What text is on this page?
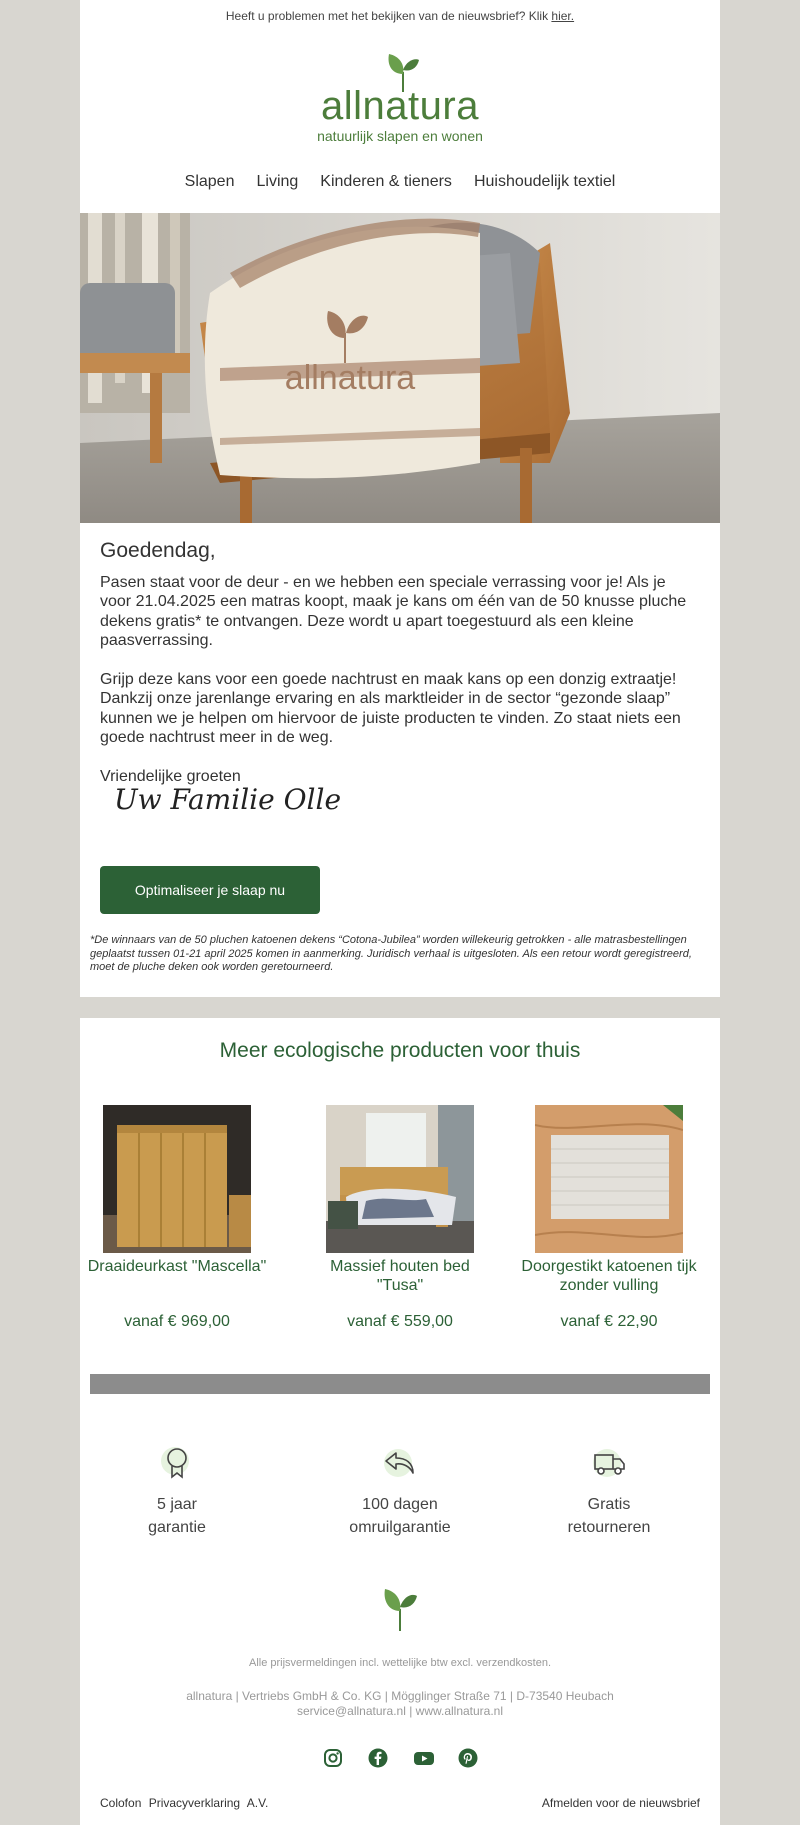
Heeft u problemen met het bekijken van de nieuwsbrief? Klik hier.
allnatura
natuurlijk slapen en wonen
Slapen Living Kinderen & tieners Huishoudelijk textiel
allnatura
Goedendag,

Pasen staat voor de deur - en we hebben een speciale verrassing voor je! Als je voor 21.04.2025 een matras koopt, maak je kans om één van de 50 knusse pluche dekens gratis* te ontvangen. Deze wordt u apart toegestuurd als een kleine paasverrassing.

Grijp deze kans voor een goede nachtrust en maak kans op een donzig extraatje! Dankzij onze jarenlange ervaring en als marktleider in de sector “gezonde slaap” kunnen we je helpen om hiervoor de juiste producten te vinden. Zo staat niets een goede nachtrust meer in de weg.

Vriendelijke groeten
Uw Familie Olle
Optimaliseer je slaap nu
*De winnaars van de 50 pluchen katoenen dekens “Cotona-Jubilea” worden willekeurig getrokken - alle matrasbestellingen geplaatst tussen 01-21 april 2025 komen in aanmerking. Juridisch verhaal is uitgesloten. Als een retour wordt geregistreerd, moet de pluche deken ook worden geretourneerd.
Meer ecologische producten voor thuis
Draaideurkast "Mascella"
vanaf € 969,00
Massief houten bed "Tusa"
vanaf € 559,00
Doorgestikt katoenen tijk zonder vulling
vanaf € 22,90
5 jaar
garantie
100 dagen
omruilgarantie
Gratis
retourneren
Alle prijsvermeldingen incl. wettelijke btw excl. verzendkosten.
allnatura | Vertriebs GmbH & Co. KG | Mögglinger Straße 71 | D-73540 Heubach
service@allnatura.nl | www.allnatura.nl
Colofon Privacyverklaring A.V.	Afmelden voor de nieuwsbrief
